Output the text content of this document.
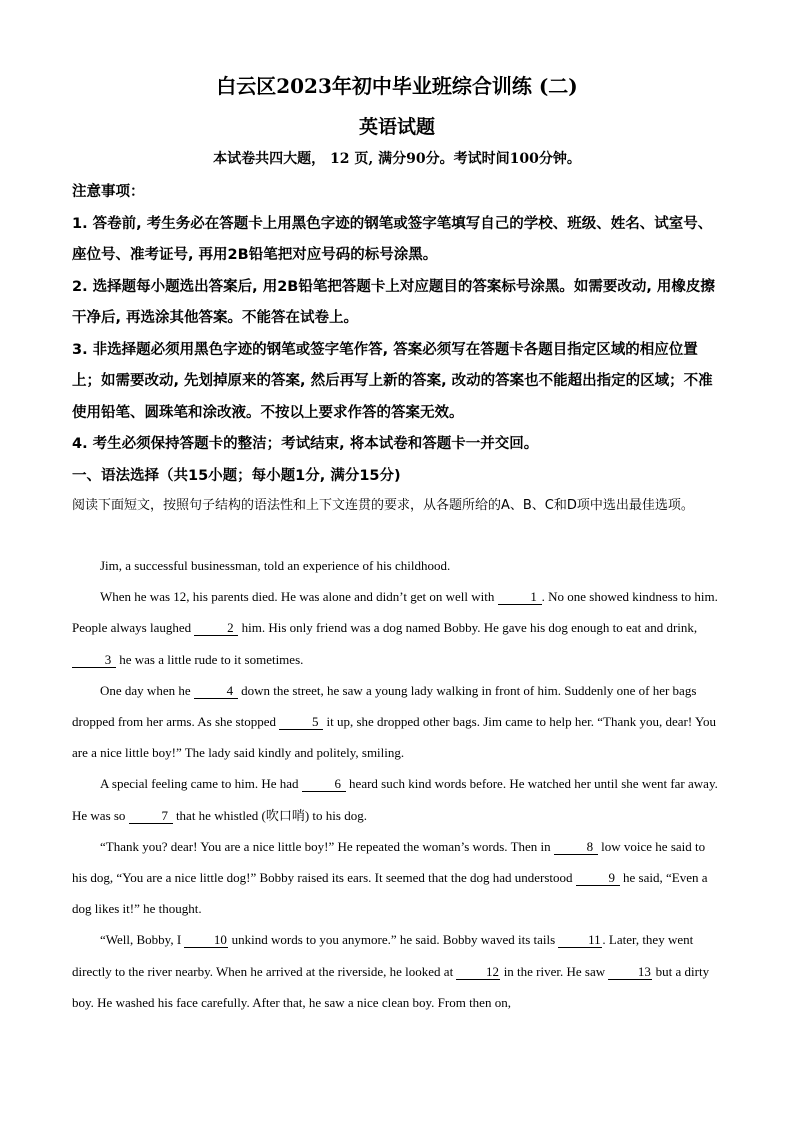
白云区2023年初中毕业班综合训练 (二)
英语试题
本试卷共四大题， 12 页, 满分90分。考试时间100分钟。
注意事项：
1. 答卷前, 考生务必在答题卡上用黑色字迹的钢笔或签字笔填写自己的学校、班级、姓名、试室号、座位号、准考证号, 再用2B铅笔把对应号码的标号涂黑。
2. 选择题每小题选出答案后, 用2B铅笔把答题卡上对应题目的答案标号涂黑。如需要改动, 用橡皮擦干净后, 再选涂其他答案。不能答在试卷上。
3. 非选择题必须用黑色字迹的钢笔或签字笔作答, 答案必须写在答题卡各题目指定区域的相应位置上；如需要改动, 先划掉原来的答案, 然后再写上新的答案, 改动的答案也不能超出指定的区域；不准使用铅笔、圆珠笔和涂改液。不按以上要求作答的答案无效。
4. 考生必须保持答题卡的整洁；考试结束, 将本试卷和答题卡一并交回。
一、语法选择（共15小题；每小题1分, 满分15分)
阅读下面短文，按照句子结构的语法性和上下文连贯的要求，从各题所给的A、B、C和D项中选出最佳选项。

Jim, a successful businessman, told an experience of his childhood.

When he was 12, his parents died. He was alone and didn’t get on well with	1 . No one showed kindness to him. People always laughed	2 him. His only friend was a dog named Bobby. He gave his dog enough to eat and drink, 3 he was a little rude to it sometimes.

One day when he	4 down the street, he saw a young lady walking in front of him. Suddenly one of her bags dropped from her arms. As she stopped	5 it up, she dropped other bags. Jim came to help her. “Thank you, dear! You are a nice little boy!” The lady said kindly and politely, smiling.

A special feeling came to him. He had	6 heard such kind words before. He watched her until she went far away. He was so	7 that he whistled (吹口哨) to his dog.

“Thank you? dear! You are a nice little boy!” He repeated the woman’s words. Then in	8 low voice he said to his dog, “You are a nice little dog!” Bobby raised its ears. It seemed that the dog had understood	9 he said, “Even a dog likes it!” he thought.

“Well, Bobby, I 10 unkind words to you anymore.” he said. Bobby waved its tails 11 . Later, they went directly to the river nearby. When he arrived at the riverside, he looked at 12 in the river. He saw 13 but a dirty boy. He washed his face carefully. After that, he saw a nice clean boy. From then on,
